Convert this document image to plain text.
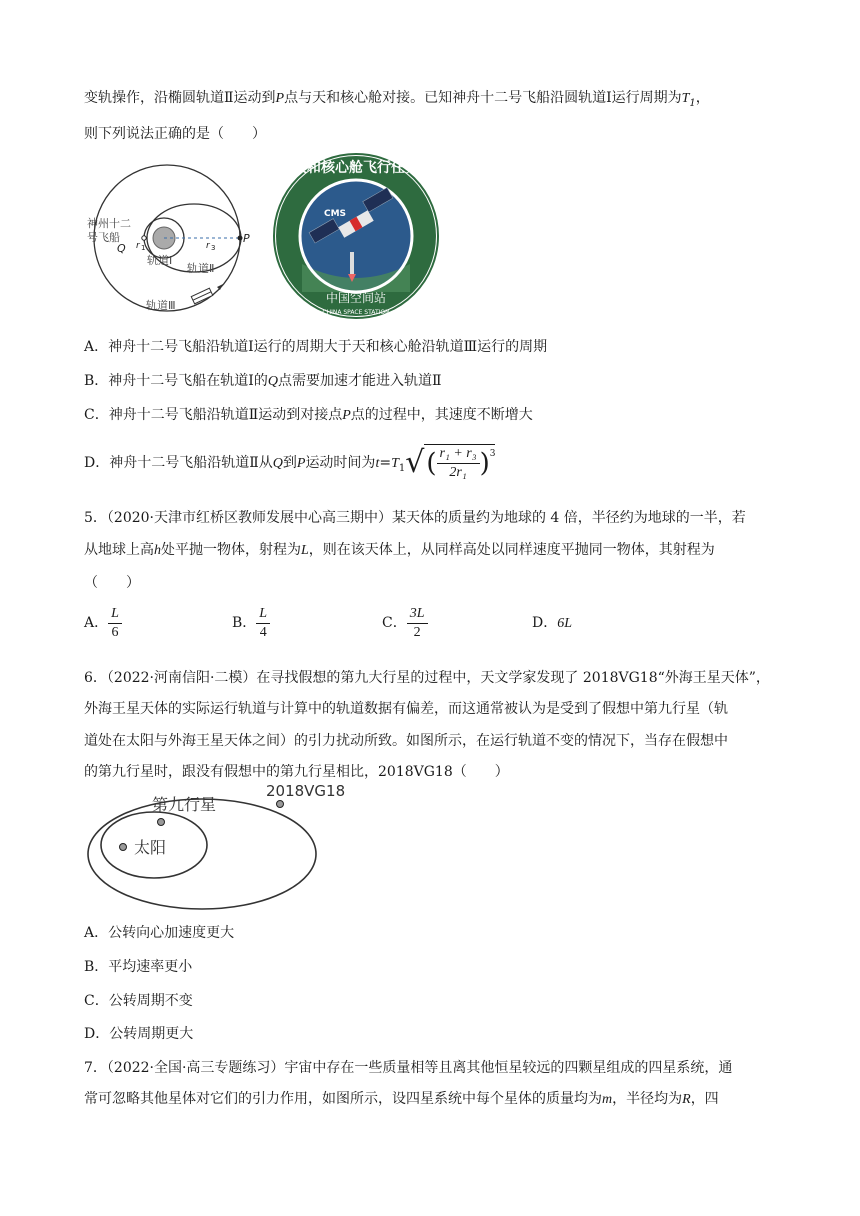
变轨操作，沿椭圆轨道Ⅱ运动到P点与天和核心舱对接。已知神舟十二号飞船沿圆轨道Ⅰ运行周期为$T_1$，
则下列说法正确的是（　　）
神州十二
号飞船
Q
P
r 1	r 3
轨道Ⅰ
轨道Ⅱ
轨道Ⅲ
CMS
天和核心舱飞行任务
中国空间站
CHINA SPACE STATION
A．神舟十二号飞船沿轨道Ⅰ运行的周期大于天和核心舱沿轨道Ⅲ运行的周期
B．神舟十二号飞船在轨道Ⅰ的Q点需要加速才能进入轨道Ⅱ
C．神舟十二号飞船沿轨道Ⅱ运动到对接点P点的过程中，其速度不断增大
D．神舟十二号飞船沿轨道Ⅱ从Q到P运动时间为$t=T_1√( \frac{\text{r₁ + r₃}}{\text{2r₁}} )^3$
5．（2020·天津市红桥区教师发展中心高三期中）某天体的质量约为地球的 4 倍，半径约为地球的一半，若
从地球上高h处平抛一物体，射程为L，则在该天体上，从同样高处以同样速度平抛同一物体，其射程为
（　　）
A． $\frac{L}{6}$	B． $\frac{L}{4}$	C． $\frac{3L}{2}$	D．6L
6．（2022·河南信阳·二模）在寻找假想的第九大行星的过程中，天文学家发现了 2018VG18“外海王星天体”，
外海王星天体的实际运行轨道与计算中的轨道数据有偏差，而这通常被认为是受到了假想中第九行星（轨
道处在太阳与外海王星天体之间）的引力扰动所致。如图所示，在运行轨道不变的情况下，当存在假想中
的第九行星时，跟没有假想中的第九行星相比，2018VG18（　　）
第九行星
2018VG18
太阳
A．公转向心加速度更大
B．平均速率更小
C．公转周期不变
D．公转周期更大
7．（2022·全国·高三专题练习）宇宙中存在一些质量相等且离其他恒星较远的四颗星组成的四星系统，通
常可忽略其他星体对它们的引力作用，如图所示，设四星系统中每个星体的质量均为m，半径均为R，四
